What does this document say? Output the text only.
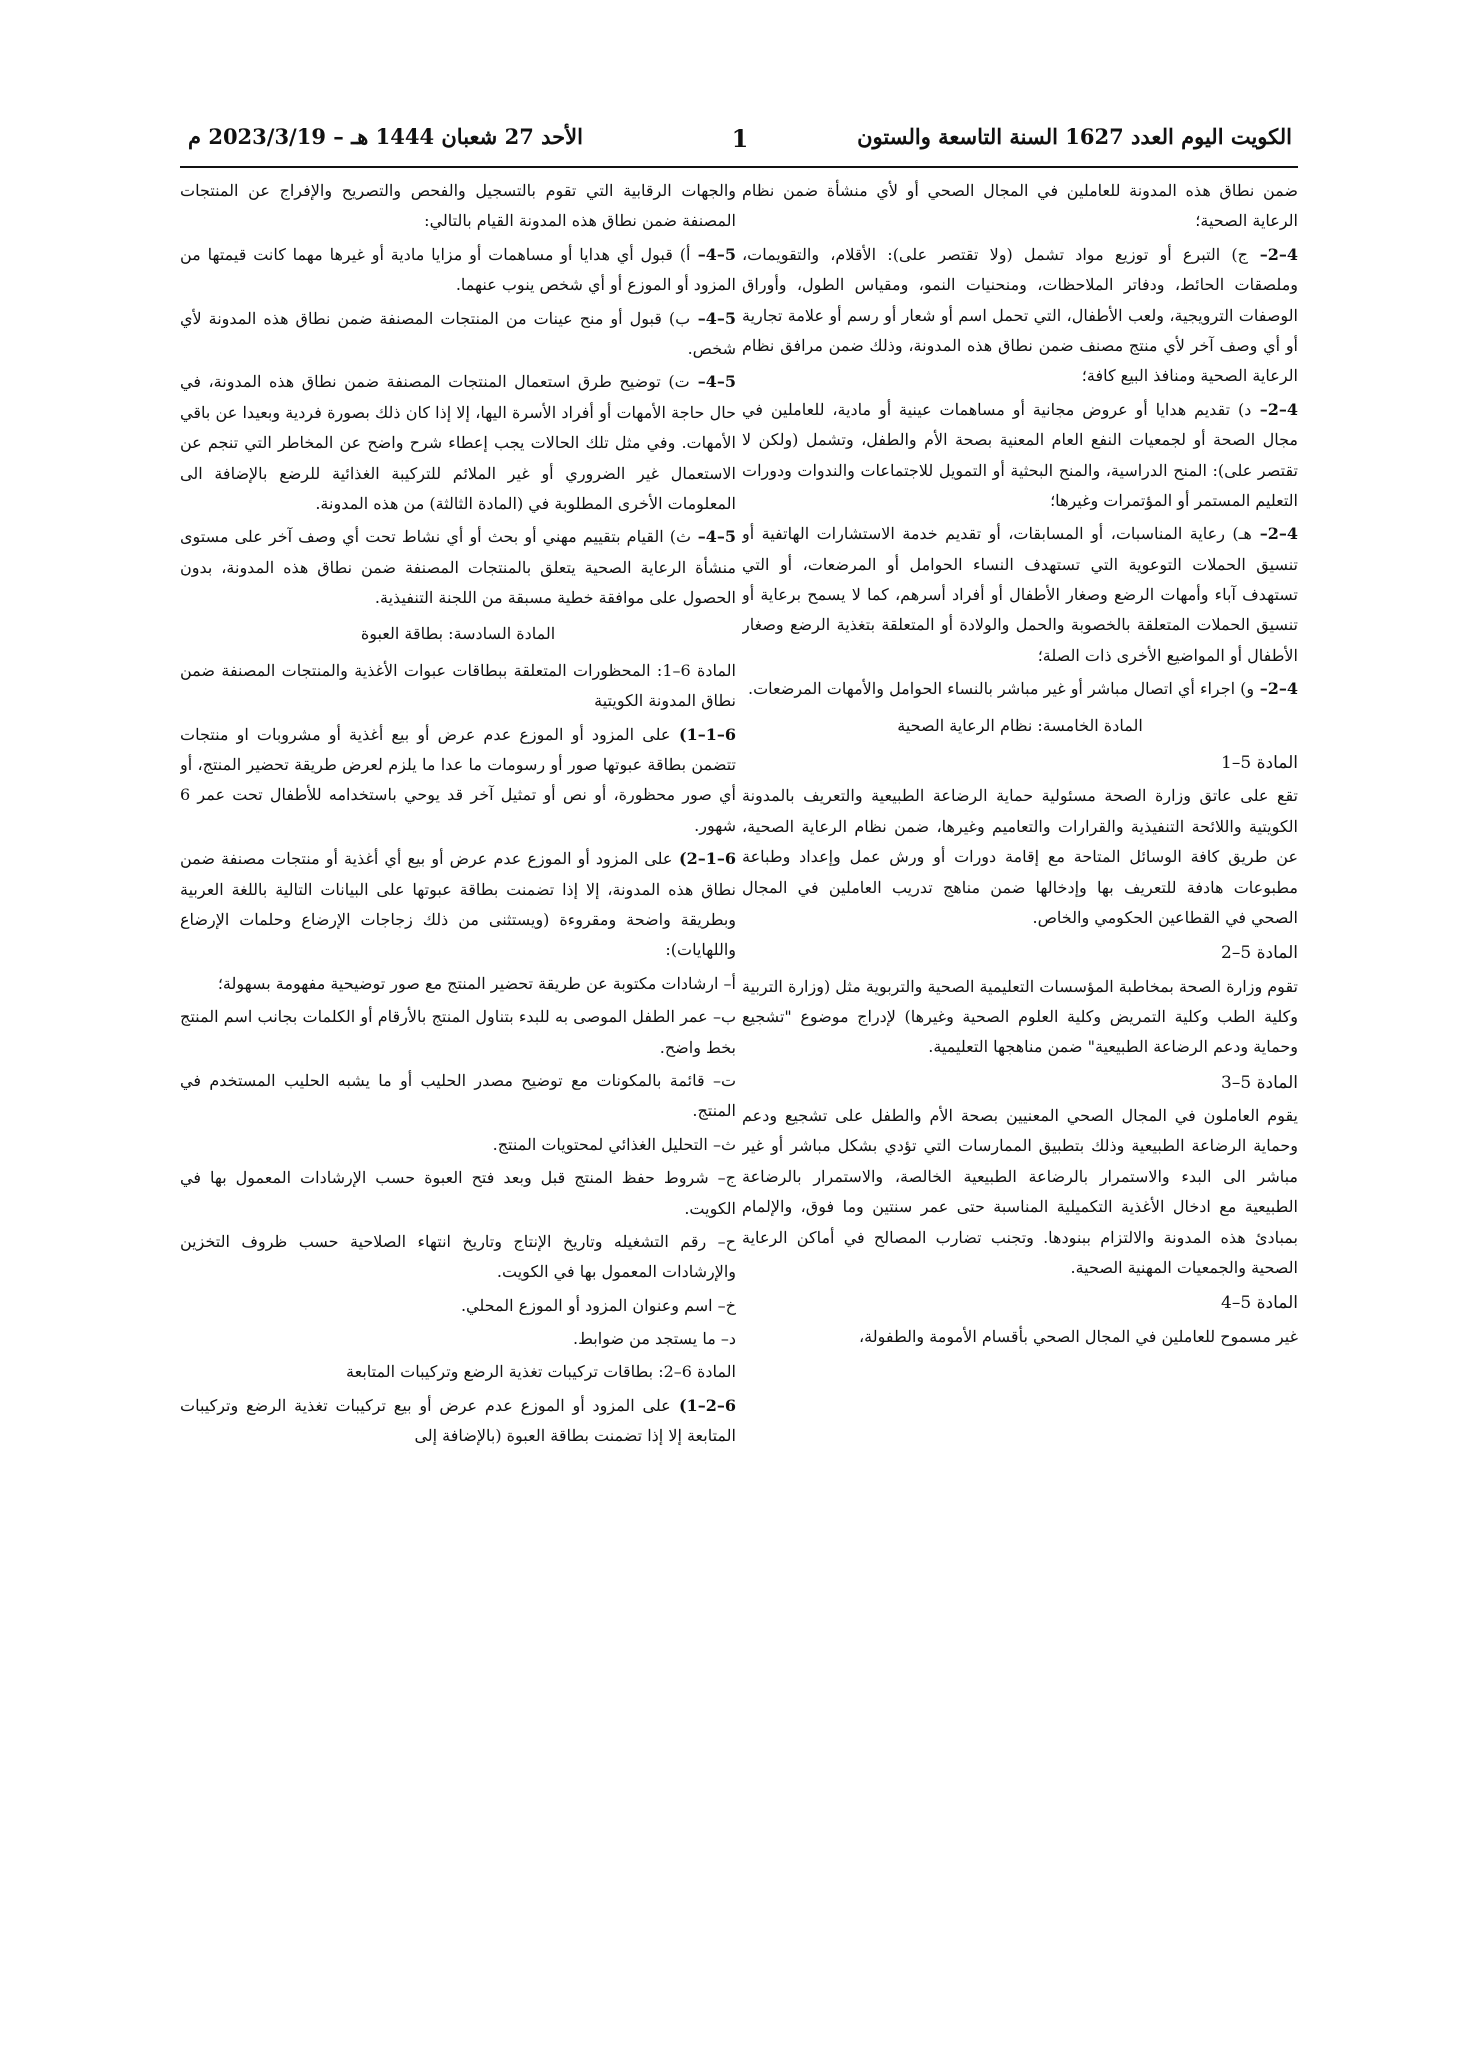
الكويت اليوم العدد 1627 السنة التاسعة والستون
1
الأحد 27 شعبان 1444 هـ – 2023/3/19 م

ضمن نطاق هذه المدونة للعاملين في المجال الصحي أو لأي منشأة ضمن نظام الرعاية الصحية؛

4–2– ج) التبرع أو توزيع مواد تشمل (ولا تقتصر على): الأقلام، والتقويمات، وملصقات الحائط، ودفاتر الملاحظات، ومنحنيات النمو، ومقياس الطول، وأوراق الوصفات الترويجية، ولعب الأطفال، التي تحمل اسم أو شعار أو رسم أو علامة تجارية أو أي وصف آخر لأي منتج مصنف ضمن نطاق هذه المدونة، وذلك ضمن مرافق نظام الرعاية الصحية ومنافذ البيع كافة؛

4–2– د) تقديم هدايا أو عروض مجانية أو مساهمات عينية أو مادية، للعاملين في مجال الصحة أو لجمعيات النفع العام المعنية بصحة الأم والطفل، وتشمل (ولكن لا تقتصر على): المنح الدراسية، والمنح البحثية أو التمويل للاجتماعات والندوات ودورات التعليم المستمر أو المؤتمرات وغيرها؛

4–2– هـ) رعاية المناسبات، أو المسابقات، أو تقديم خدمة الاستشارات الهاتفية أو تنسيق الحملات التوعوية التي تستهدف النساء الحوامل أو المرضعات، أو التي تستهدف آباء وأمهات الرضع وصغار الأطفال أو أفراد أسرهم، كما لا يسمح برعاية أو تنسيق الحملات المتعلقة بالخصوبة والحمل والولادة أو المتعلقة بتغذية الرضع وصغار الأطفال أو المواضيع الأخرى ذات الصلة؛

4–2– و) اجراء أي اتصال مباشر أو غير مباشر بالنساء الحوامل والأمهات المرضعات.

المادة الخامسة: نظام الرعاية الصحية
المادة 5–1

تقع على عاتق وزارة الصحة مسئولية حماية الرضاعة الطبيعية والتعريف بالمدونة الكويتية واللائحة التنفيذية والقرارات والتعاميم وغيرها، ضمن نظام الرعاية الصحية، عن طريق كافة الوسائل المتاحة مع إقامة دورات أو ورش عمل وإعداد وطباعة مطبوعات هادفة للتعريف بها وإدخالها ضمن مناهج تدريب العاملين في المجال الصحي في القطاعين الحكومي والخاص.

المادة 5–2

تقوم وزارة الصحة بمخاطبة المؤسسات التعليمية الصحية والتربوية مثل (وزارة التربية وكلية الطب وكلية التمريض وكلية العلوم الصحية وغيرها) لإدراج موضوع "تشجيع وحماية ودعم الرضاعة الطبيعية" ضمن مناهجها التعليمية.

المادة 5–3

يقوم العاملون في المجال الصحي المعنيين بصحة الأم والطفل على تشجيع ودعم وحماية الرضاعة الطبيعية وذلك بتطبيق الممارسات التي تؤدي بشكل مباشر أو غير مباشر الى البدء والاستمرار بالرضاعة الطبيعية الخالصة، والاستمرار بالرضاعة الطبيعية مع ادخال الأغذية التكميلية المناسبة حتى عمر سنتين وما فوق، والإلمام بمبادئ هذه المدونة والالتزام ببنودها. وتجنب تضارب المصالح في أماكن الرعاية الصحية والجمعيات المهنية الصحية.

المادة 5–4

غير مسموح للعاملين في المجال الصحي بأقسام الأمومة والطفولة،

والجهات الرقابية التي تقوم بالتسجيل والفحص والتصريح والإفراج عن المنتجات المصنفة ضمن نطاق هذه المدونة القيام بالتالي:

5–4– أ) قبول أي هدايا أو مساهمات أو مزايا مادية أو غيرها مهما كانت قيمتها من المزود أو الموزع أو أي شخص ينوب عنهما.

5–4– ب) قبول أو منح عينات من المنتجات المصنفة ضمن نطاق هذه المدونة لأي شخص.

5–4– ت) توضيح طرق استعمال المنتجات المصنفة ضمن نطاق هذه المدونة، في حال حاجة الأمهات أو أفراد الأسرة اليها، إلا إذا كان ذلك بصورة فردية وبعيدا عن باقي الأمهات. وفي مثل تلك الحالات يجب إعطاء شرح واضح عن المخاطر التي تنجم عن الاستعمال غير الضروري أو غير الملائم للتركيبة الغذائية للرضع بالإضافة الى المعلومات الأخرى المطلوبة في (المادة الثالثة) من هذه المدونة.

5–4– ث) القيام بتقييم مهني أو بحث أو أي نشاط تحت أي وصف آخر على مستوى منشأة الرعاية الصحية يتعلق بالمنتجات المصنفة ضمن نطاق هذه المدونة، بدون الحصول على موافقة خطية مسبقة من اللجنة التنفيذية.

المادة السادسة: بطاقة العبوة

المادة 6–1: المحظورات المتعلقة ببطاقات عبوات الأغذية والمنتجات المصنفة ضمن نطاق المدونة الكويتية

6–1–1) على المزود أو الموزع عدم عرض أو بيع أغذية أو مشروبات او منتجات تتضمن بطاقة عبوتها صور أو رسومات ما عدا ما يلزم لعرض طريقة تحضير المنتج، أو أي صور محظورة، أو نص أو تمثيل آخر قد يوحي باستخدامه للأطفال تحت عمر 6 شهور.

6–1–2) على المزود أو الموزع عدم عرض أو بيع أي أغذية أو منتجات مصنفة ضمن نطاق هذه المدونة، إلا إذا تضمنت بطاقة عبوتها على البيانات التالية باللغة العربية وبطريقة واضحة ومقروءة (ويستثنى من ذلك زجاجات الإرضاع وحلمات الإرضاع واللهايات):

أ– ارشادات مكتوبة عن طريقة تحضير المنتج مع صور توضيحية مفهومة بسهولة؛

ب– عمر الطفل الموصى به للبدء بتناول المنتج بالأرقام أو الكلمات بجانب اسم المنتج بخط واضح.

ت– قائمة بالمكونات مع توضيح مصدر الحليب أو ما يشبه الحليب المستخدم في المنتج.

ث– التحليل الغذائي لمحتويات المنتج.

ج– شروط حفظ المنتج قبل وبعد فتح العبوة حسب الإرشادات المعمول بها في الكويت.

ح– رقم التشغيله وتاريخ الإنتاج وتاريخ انتهاء الصلاحية حسب ظروف التخزين والإرشادات المعمول بها في الكويت.

خ– اسم وعنوان المزود أو الموزع المحلي.

د– ما يستجد من ضوابط.

المادة 6–2: بطاقات تركيبات تغذية الرضع وتركيبات المتابعة

6–2–1) على المزود أو الموزع عدم عرض أو بيع تركيبات تغذية الرضع وتركيبات المتابعة إلا إذا تضمنت بطاقة العبوة (بالإضافة إلى
